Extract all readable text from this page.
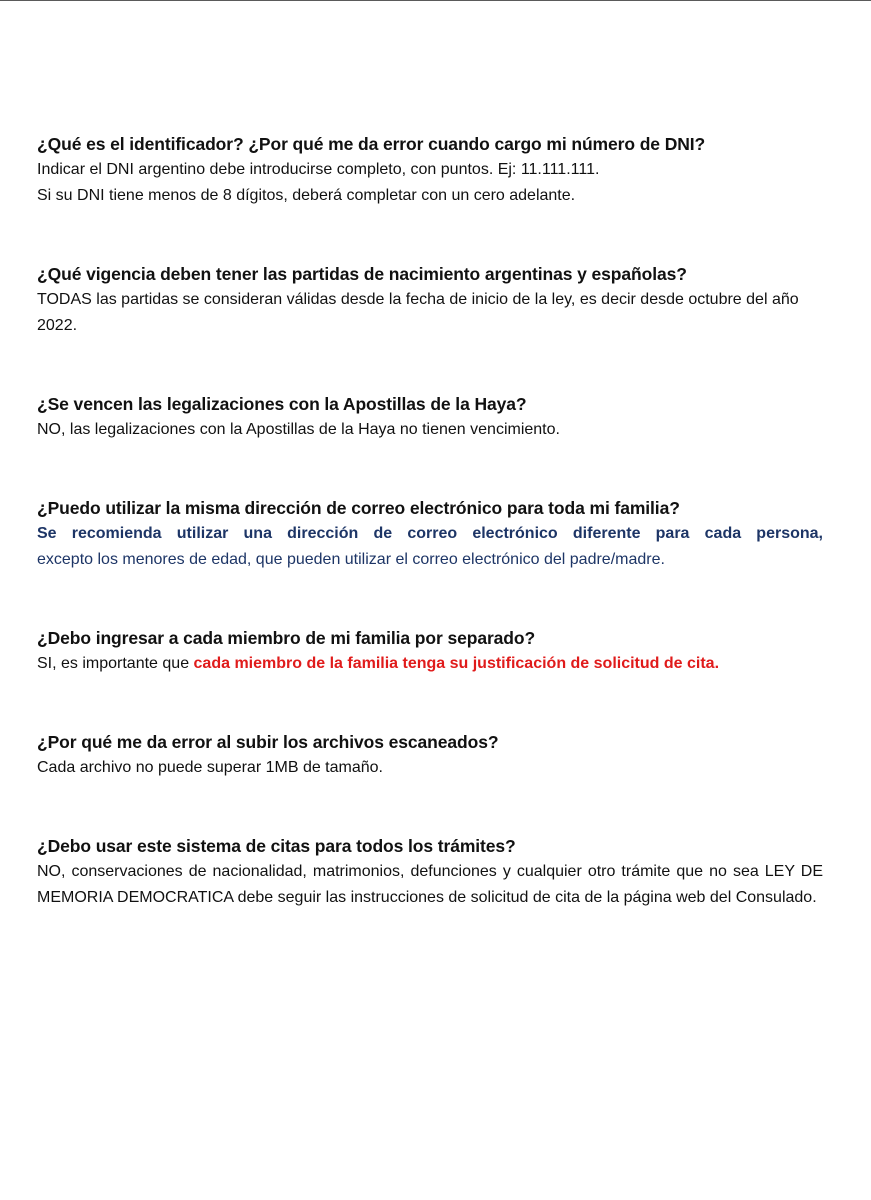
¿Qué es el identificador? ¿Por qué me da error cuando cargo mi número de DNI?

Indicar el DNI argentino debe introducirse completo, con puntos. Ej: 11.111.111.

Si su DNI tiene menos de 8 dígitos, deberá completar con un cero adelante.

¿Qué vigencia deben tener las partidas de nacimiento argentinas y españolas?

TODAS las partidas se consideran válidas desde la fecha de inicio de la ley, es decir desde octubre del año 2022.

¿Se vencen las legalizaciones con la Apostillas de la Haya?

NO, las legalizaciones con la Apostillas de la Haya no tienen vencimiento.

¿Puedo utilizar la misma dirección de correo electrónico para toda mi familia?

Se recomienda utilizar una dirección de correo electrónico diferente para cada persona,

excepto los menores de edad, que pueden utilizar el correo electrónico del padre/madre.

¿Debo ingresar a cada miembro de mi familia por separado?

SI, es importante que cada miembro de la familia tenga su justificación de solicitud de cita.

¿Por qué me da error al subir los archivos escaneados?

Cada archivo no puede superar 1MB de tamaño.

¿Debo usar este sistema de citas para todos los trámites?

NO, conservaciones de nacionalidad, matrimonios, defunciones y cualquier otro trámite que no sea LEY DE MEMORIA DEMOCRATICA debe seguir las instrucciones de solicitud de cita de la página web del Consulado.
